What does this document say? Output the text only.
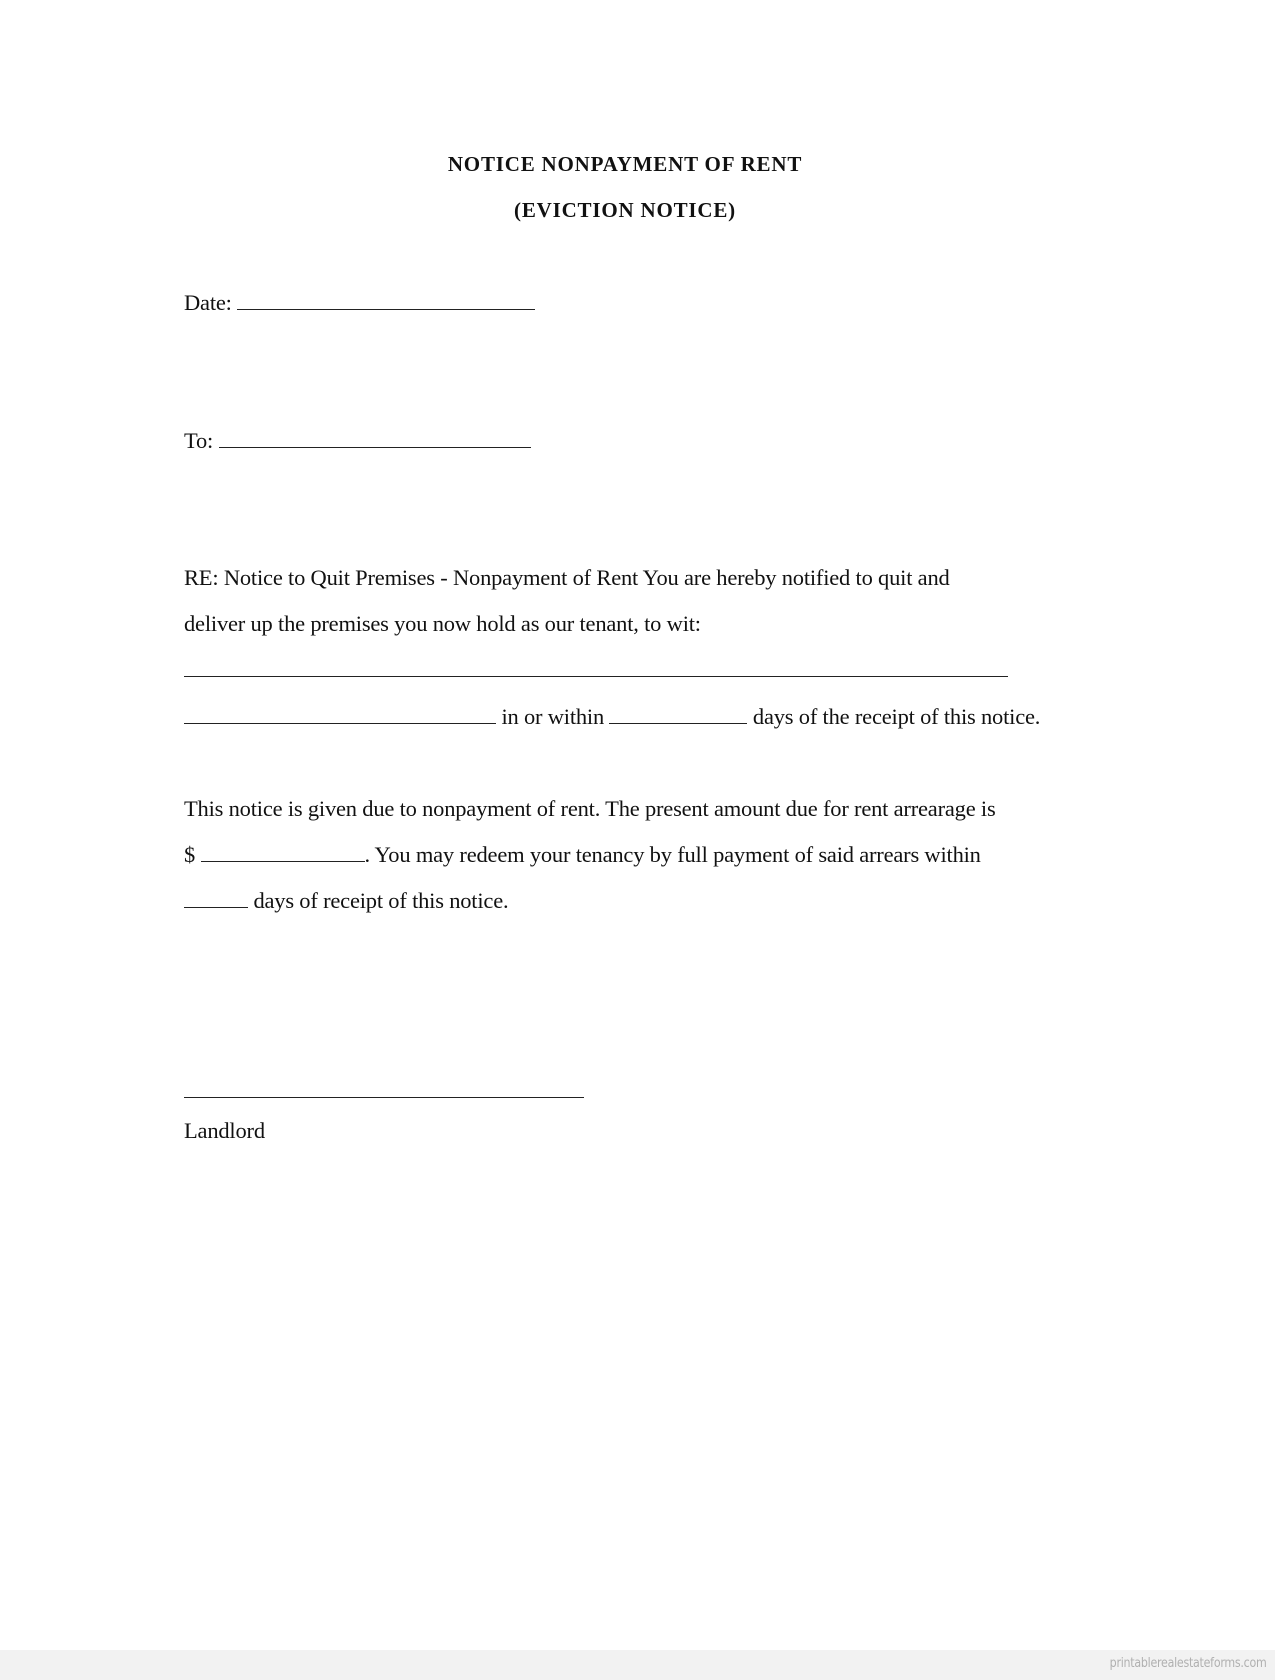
NOTICE NONPAYMENT OF RENT
(EVICTION NOTICE)
Date:
To:
RE: Notice to Quit Premises - Nonpayment of Rent You are hereby notified to quit and
deliver up the premises you now hold as our tenant, to wit:
in or within	days of the receipt of this notice.
This notice is given due to nonpayment of rent. The present amount due for rent arrearage is
$	. You may redeem your tenancy by full payment of said arrears within
days of receipt of this notice.
Landlord
printablerealestateforms.com
